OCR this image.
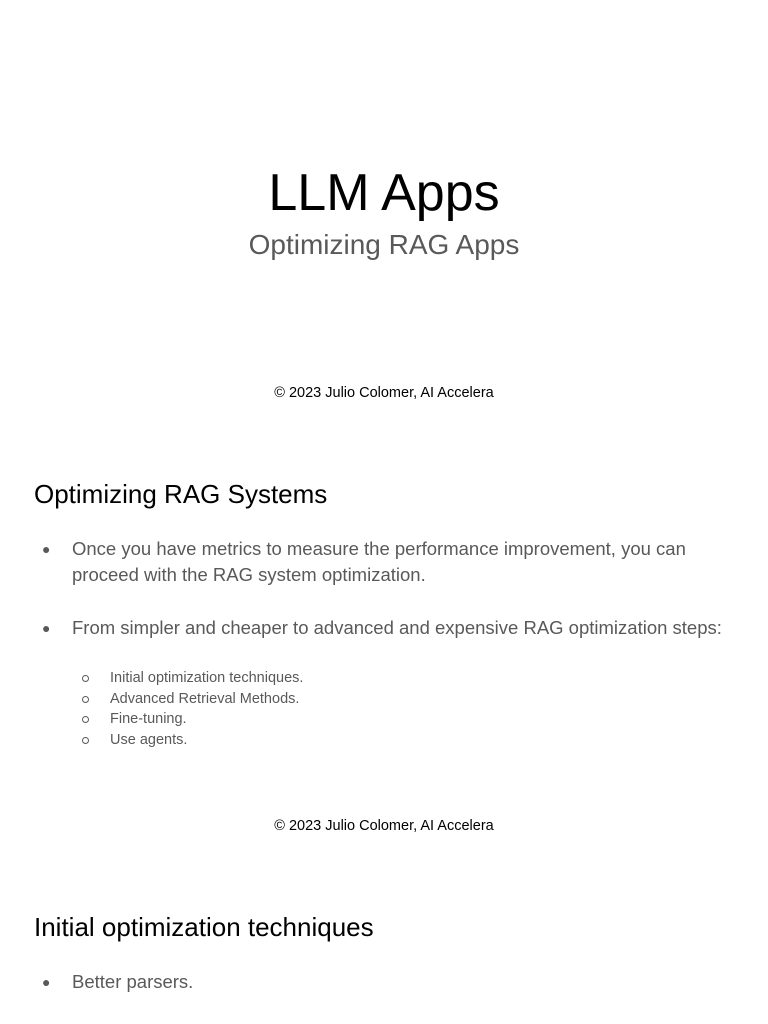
LLM Apps
Optimizing RAG Apps
© 2023 Julio Colomer, AI Accelera
Optimizing RAG Systems
●	Once you have metrics to measure the performance improvement, you can proceed with the RAG system optimization.
●	From simpler and cheaper to advanced and expensive RAG optimization steps:
Initial optimization techniques.
Advanced Retrieval Methods.
Fine-tuning.
Use agents.
© 2023 Julio Colomer, AI Accelera
Initial optimization techniques
●	Better parsers.
